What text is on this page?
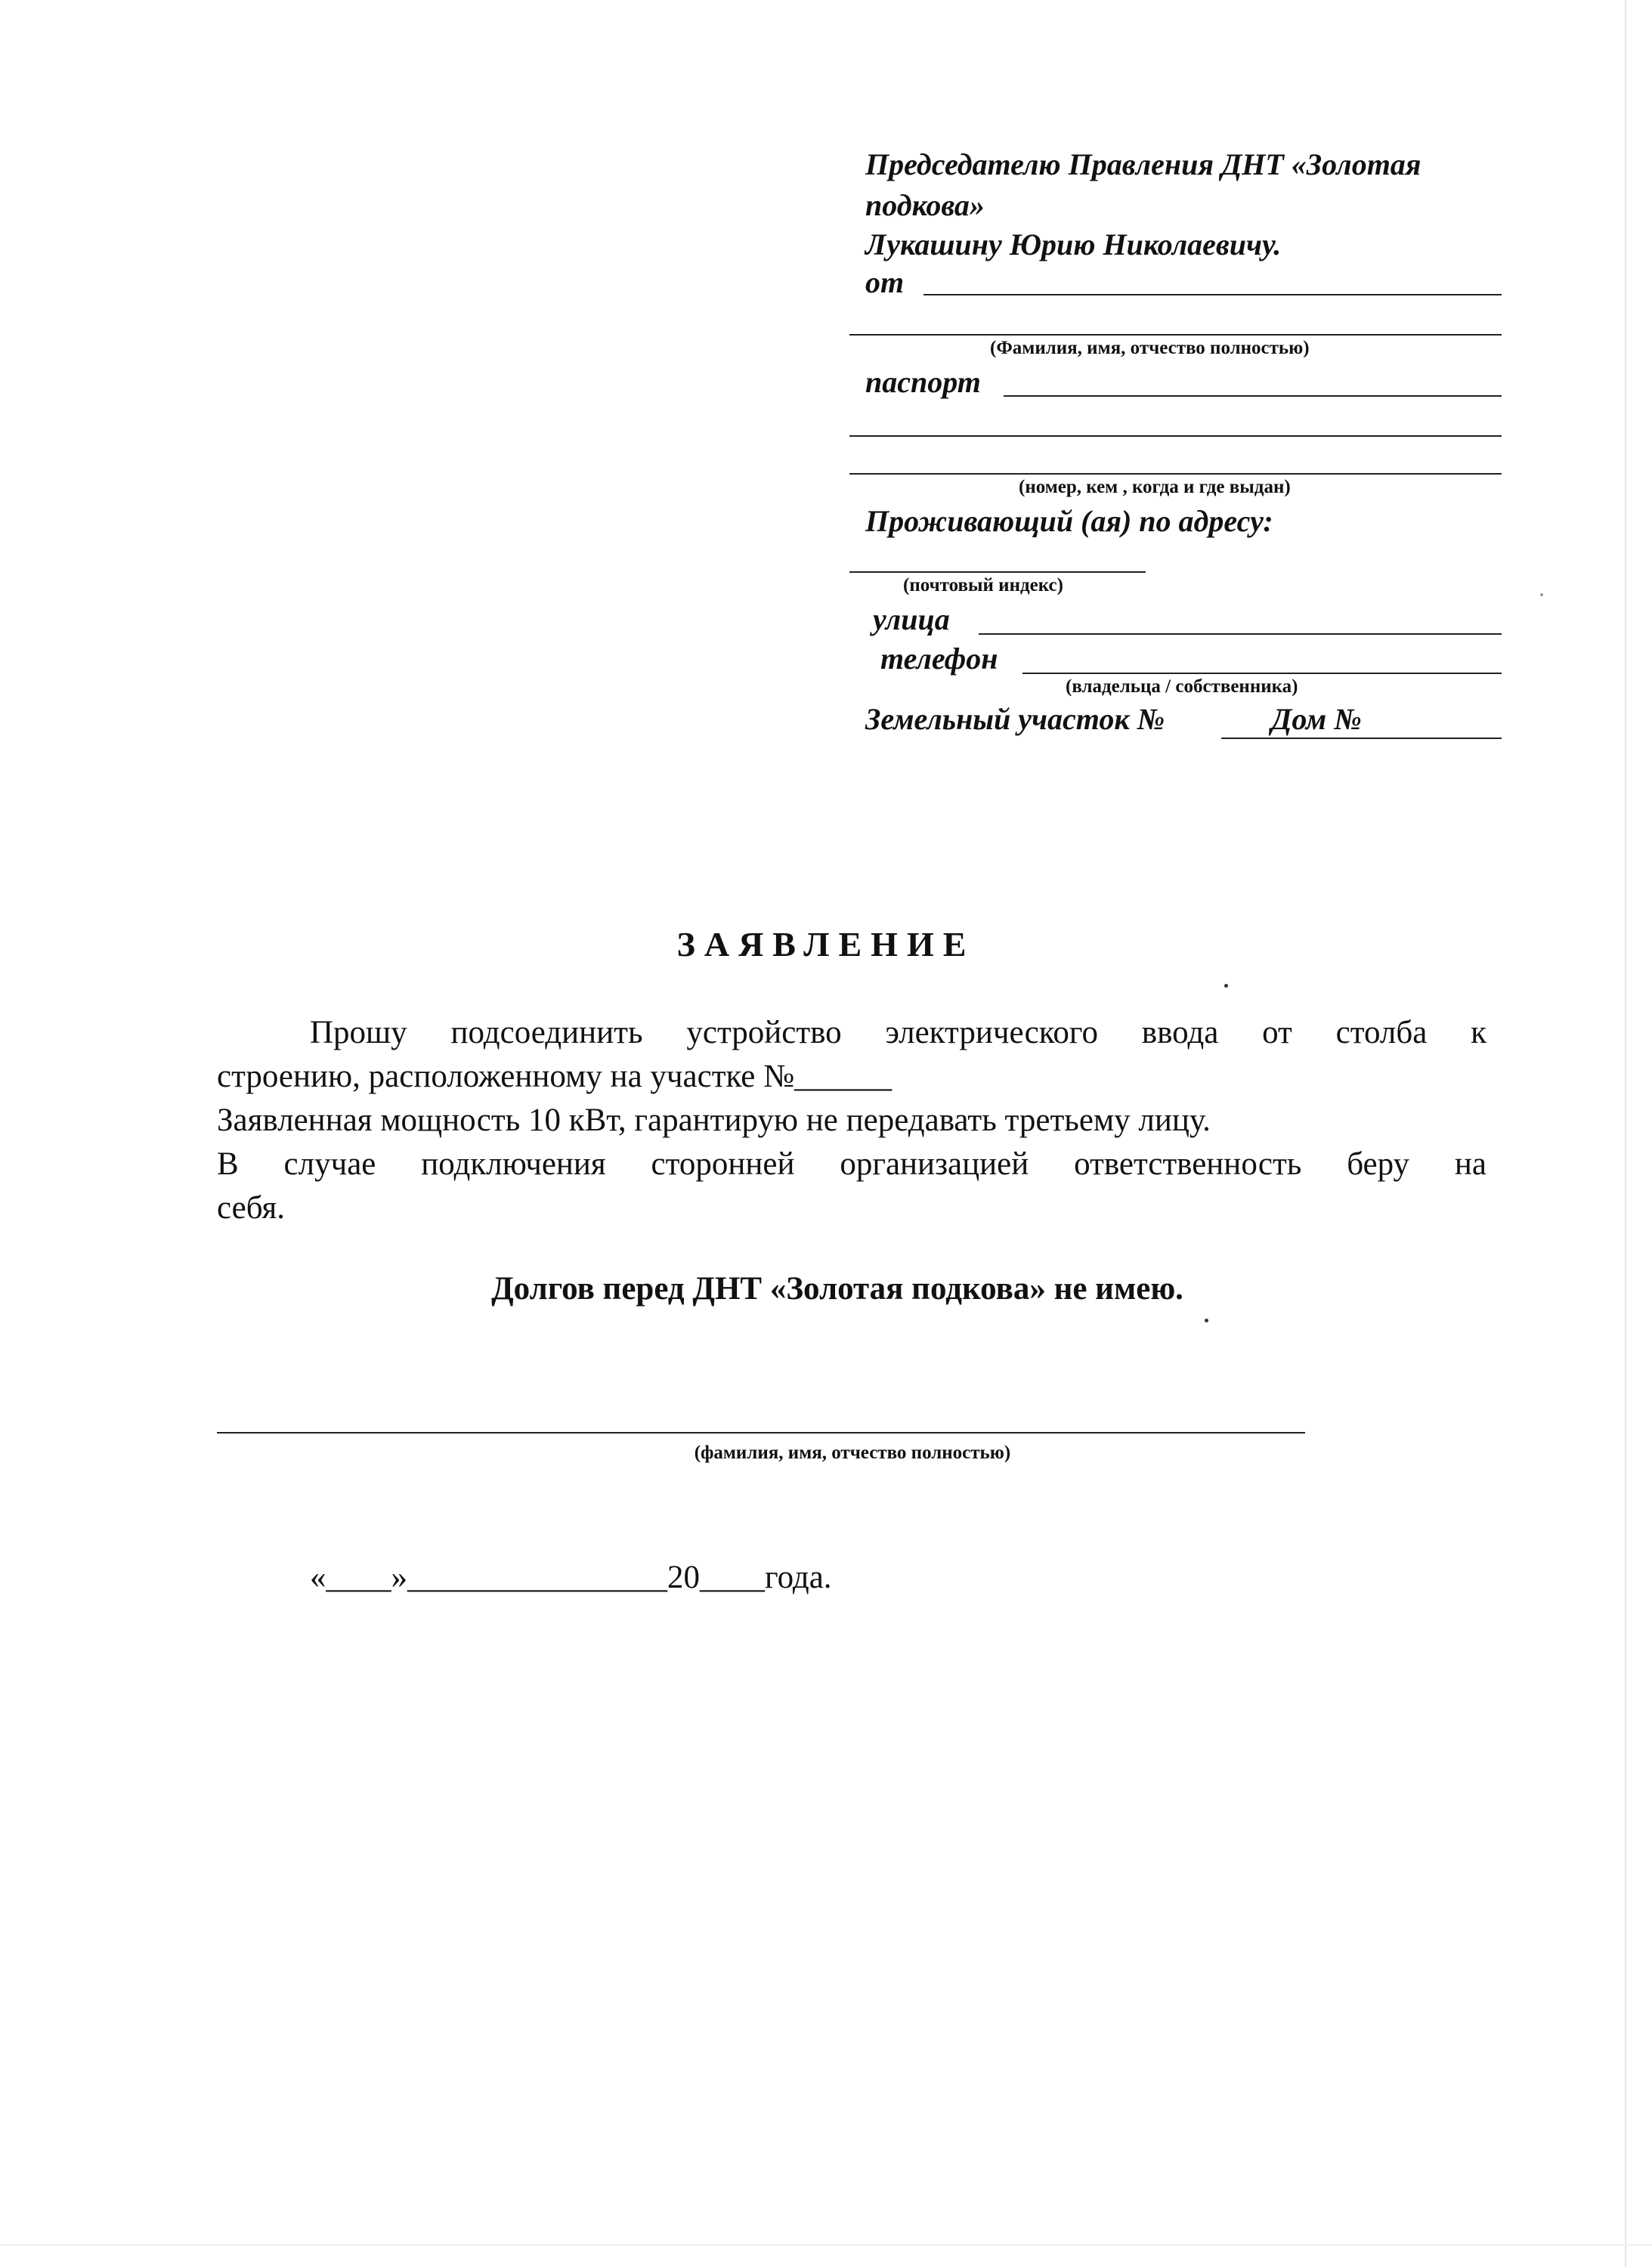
Председателю Правления ДНТ «Золотая
подкова»
Лукашину Юрию Николаевичу.
от
(Фамилия, имя, отчество полностью)
паспорт
(номер, кем , когда и где выдан)
Проживающий (ая) по адресу:
(почтовый индекс)
улица
телефон
(владельца / собственника)
Земельный участок №	Дом №
ЗАЯВЛЕНИЕ
Прошу подсоединить устройство электрического ввода от столба к
строению, расположенному на участке №______
Заявленная мощность 10 кВт, гарантирую не передавать третьему лицу.
В случае подключения сторонней организацией ответственность беру на
себя.
Долгов перед ДНТ «Золотая подкова» не имею.
(фамилия, имя, отчество полностью)
«____»________________20____года.
